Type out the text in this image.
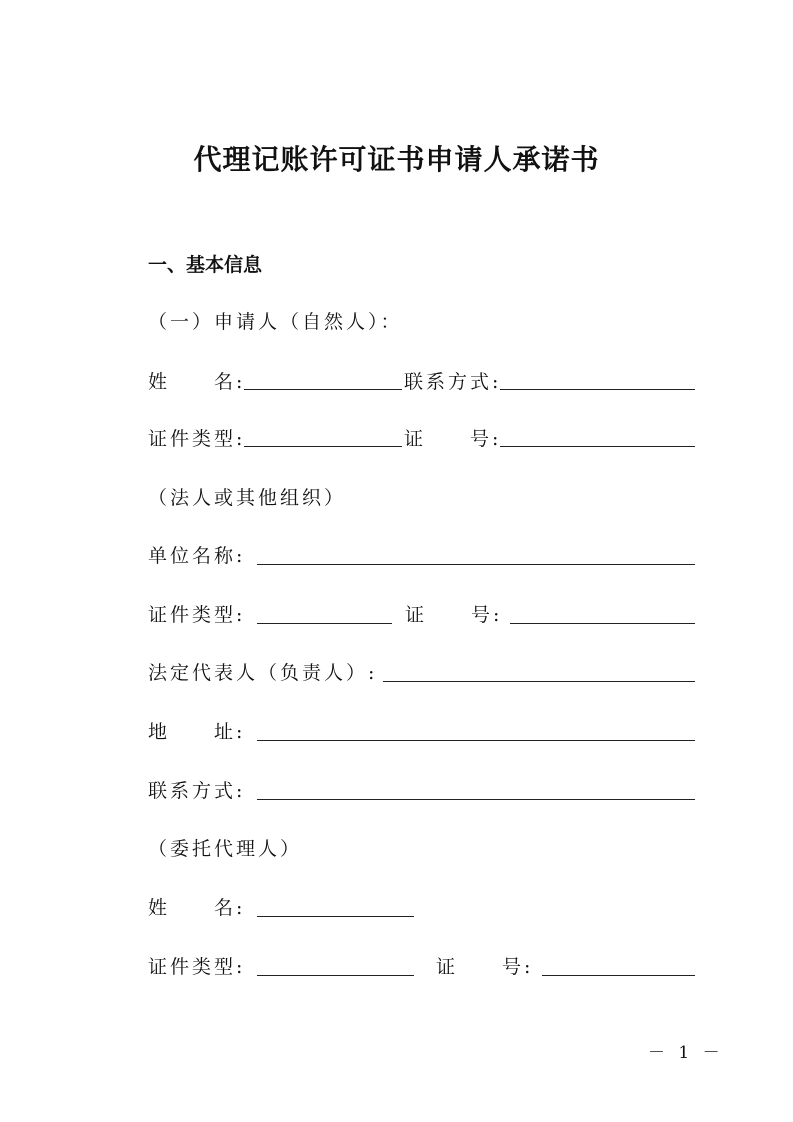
代理记账许可证书申请人承诺书
一、基本信息
（一）申请人（自然人）：
姓　　名:	联系方式:
证件类型:	证　　号:
（法人或其他组织）
单位名称:
证件类型:	证　　号:
法定代表人（负责人）:
地　　址:
联系方式:
（委托代理人）
姓　　名:
证件类型:	证　　号:
－ 1 －
